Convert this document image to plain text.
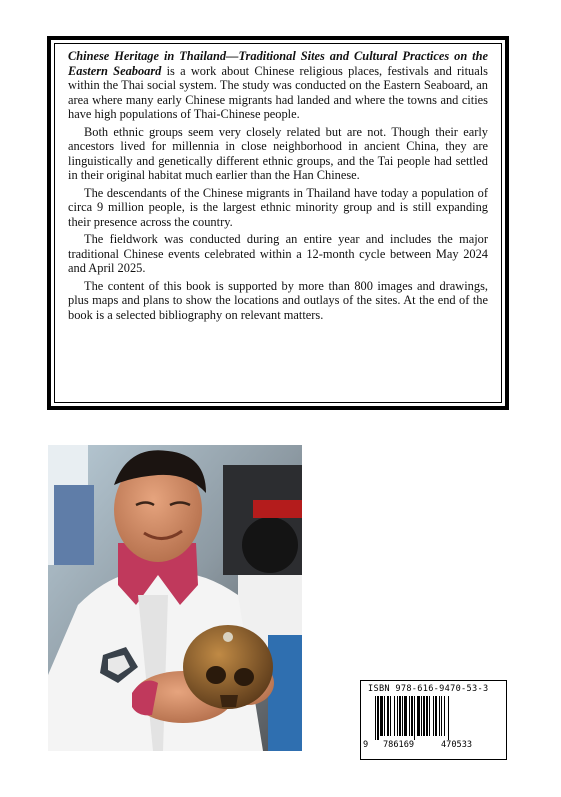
Chinese Heritage in Thailand—Traditional Sites and Cultural Practices on the Eastern Seaboard is a work about Chinese religious places, festivals and rituals within the Thai social system. The study was conducted on the Eastern Seaboard, an area where many early Chinese migrants had landed and where the towns and cities have high populations of Thai-Chinese people.

Both ethnic groups seem very closely related but are not. Though their early ancestors lived for millennia in close neighborhood in ancient China, they are linguistically and genetically different ethnic groups, and the Tai people had settled in their original habitat much earlier than the Han Chinese.

The descendants of the Chinese migrants in Thailand have today a population of circa 9 million people, is the largest ethnic minority group and is still expanding their presence across the country.

The fieldwork was conducted during an entire year and includes the major traditional Chinese events celebrated within a 12-month cycle between May 2024 and April 2025.

The content of this book is supported by more than 800 images and drawings, plus maps and plans to show the locations and outlays of the sites. At the end of the book is a selected bibliography on relevant matters.

ISBN 978-616-9470-53-3
9 786169	470533
